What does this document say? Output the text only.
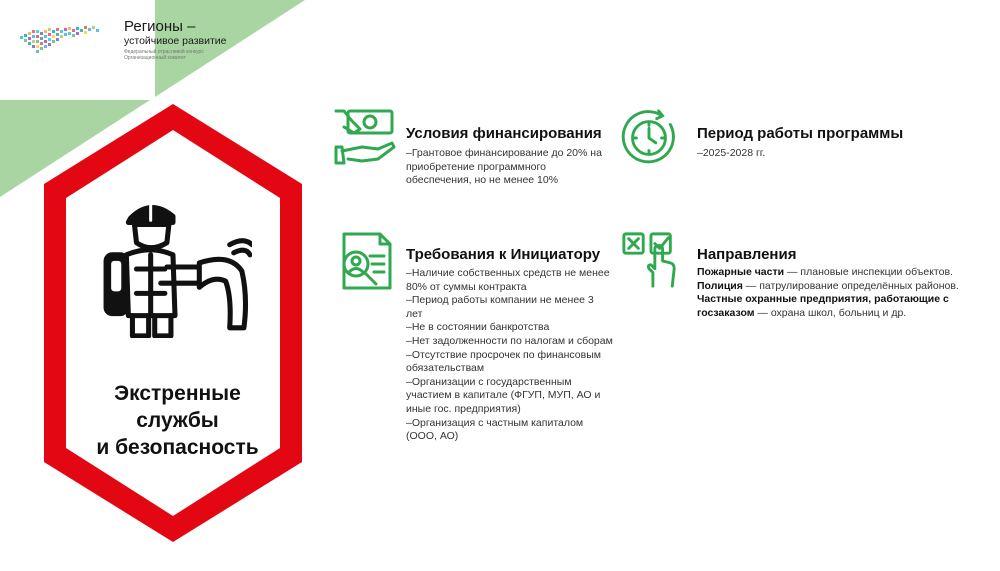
Регионы –
устойчивое развитие
Федеральный отраслевой конкурс Организационный комитет
Экстренные
службы
и безопасность
Условия финансирования

–Грантовое финансирование до 20% на

приобретение программного

обеспечения, но не менее 10%

Период работы программы

–2025-2028 гг.

Требования к Инициатору

–Наличие собственных средств не менее

80% от суммы контракта

–Период работы компании не менее 3

лет

–Не в состоянии банкротства

–Нет задолженности по налогам и сборам

–Отсутствие просрочек по финансовым

обязательствам

–Организации с государственным

участием в капитале (ФГУП, МУП, АО и

иные гос. предприятия)

–Организация с частным капиталом

(ООО, АО)

Направления

Пожарные части — плановые инспекции объектов.

Полиция — патрулирование определённых районов.

Частные охранные предприятия, работающие с госзаказом — охрана школ, больниц и др.
